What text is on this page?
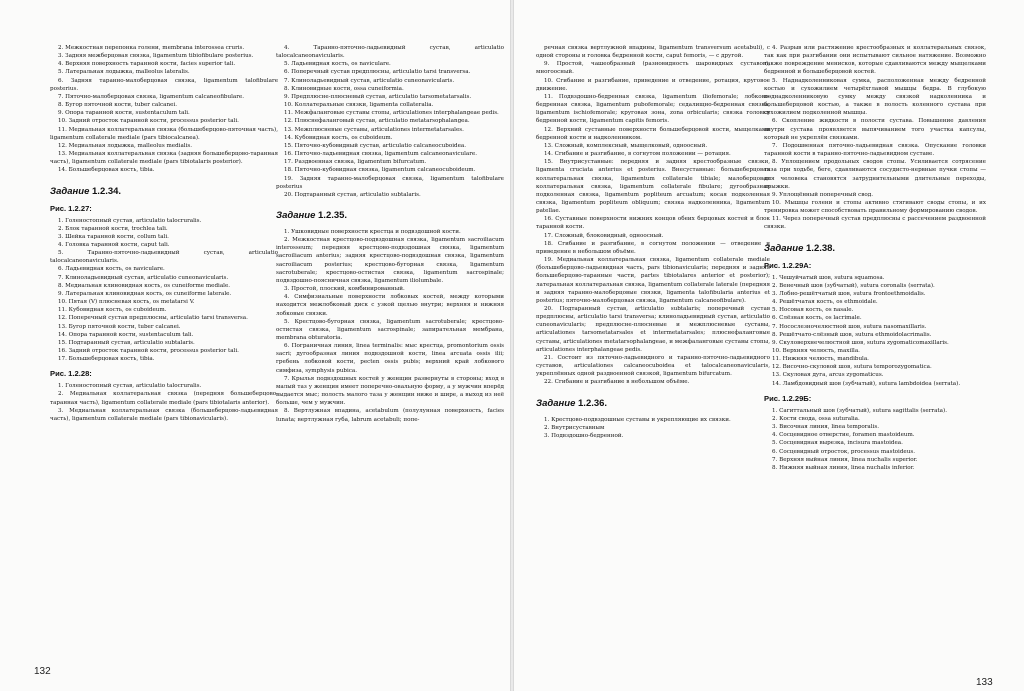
2. Межкостная перепонка голени, membrana interossea cruris.

3. Задняя межберцовая связка, ligamentum tibiofibulare posterius.

4. Верхняя поверхность таранной кости, facies superior tali.

5. Латеральная лодыжка, malleolus lateralis.

6. Задняя таранно-малоберцовая связка, ligamentum talofibulare posterius.

7. Пяточно-малоберцовая связка, ligamentum calcaneofibulare.

8. Бугор пяточной кости, tuber calcanei.

9. Опора таранной кости, sustentaculum tali.

10. Задний отросток таранной кости, processus posterior tali.

11. Медиальная коллатеральная связка (большеберцово-пяточная часть), ligamentum collaterale mediale (pars tibiocalcanea).

12. Медиальная лодыжка, malleolus medialis.

13. Медиальная коллатеральная связка (задняя большеберцово-таранная часть), ligamentum collaterale mediale (pars tibiotalaris posterior).

14. Большеберцовая кость, tibia.

Задание 1.2.34.
Рис. 1.2.27:

1. Голеностопный сустав, articulatio talocruralis.

2. Блок таранной кости, trochlea tali.

3. Шейка таранной кости, collum tali.

4. Головка таранной кости, caput tali.

5. Таранно-пяточно-ладьевидный сустав, articulatio talocalcaneonavicularis.

6. Ладьевидная кость, os naviculare.

7. Клиноладьевидный сустав, articulatio cuneonavicularis.

8. Медиальная клиновидная кость, os cuneiforme mediale.

9. Латеральная клиновидная кость, os cuneiforme laterale.

10. Пятая (V) плюсневая кость, os metatarsi V.

11. Кубовидная кость, os cuboideum.

12. Поперечный сустав предплюсны, articulatio tarsi transversa.

13. Бугор пяточной кости, tuber calcanei.

14. Опора таранной кости, sustentaculum tali.

15. Подтаранный сустав, articulatio subtalaris.

16. Задний отросток таранной кости, processus posterior tali.

17. Большеберцовая кость, tibia.

Рис. 1.2.28:

1. Голеностопный сустав, articulatio talocruralis.

2. Медиальная коллатеральная связка (передняя большеберцово-таранная часть), ligamentum collaterale mediale (pars tibiotalaris anterior).

3. Медиальная коллатеральная связка (большеберцово-ладьевидная часть), ligamentum collaterale mediale (pars tibionavicularis).

4. Таранно-пяточно-ладьевидный сустав, articulatio talocalcaneonavicularis.

5. Ладьевидная кость, os naviculare.

6. Поперечный сустав предплюсны, articulatio tarsi transversa.

7. Клиноладьевидный сустав, articulatio cuneonavicularis.

8. Клиновидные кости, ossa cuneiformia.

9. Предплюсне-плюсневый сустав, articulatio tarsometatarsalis.

10. Коллатеральные связки, ligamenta collateralia.

11. Межфаланговые суставы стопы, articulationes interphalangeae pedis.

12. Плюснефаланговый сустав, articulatio metatarsophalangeа.

13. Межплюсневые суставы, articulationes intermetatarsales.

14. Кубовидная кость, os cuboideum.

15. Пяточно-кубовидный сустав, articulatio calcaneocuboidea.

16. Пяточно-ладьевидная связка, ligamentum calcaneonaviculare.

17. Раздвоенная связка, ligamentum bifurcatum.

18. Пяточно-кубовидная связка, ligamentum calcaneocuboideum.

19. Задняя таранно-малоберцовая связка, ligamentum talofibulare posterius

20. Подтаранный сустав, articulatio subtalaris.

Задание 1.2.35.

1. Ушковидные поверхности крестца и подвздошной кости.

2. Межкостная крестцово-подвздошная связка, ligamentum sacroiliacum interosseum; передняя крестцово-подвздошная связка, ligamentum sacroiliacum anterius; задняя крестцово-подвздошная связка, ligamentum sacroiliacum posterius; крестцово-бугорная связка, ligamentum sacrotuberale; крестцово-остистая связка, ligamentum sacrospinale; подвздошно-поясничная связка, ligamentum iliolumbale.

3. Простой, плоский, комбинированный.

4. Симфизиальные поверхности лобковых костей, между которыми находится межлобковый диск с узкой щелью внутри; верхняя и нижняя лобковые связки.

5. Крестцово-бугорная связка, ligamentum sacrotuberale; крестцово-остистая связка, ligamentum sacrospinale; запирательная мембрана, membrana obturatoria.

6. Пограничная линия, linea terminalis: мыс крестца, promontorium ossis sacri; дугообразная линия подвздошной кости, linea arcuata ossis ilii; гребень лобковой кости, pecten ossis pubis; верхний край лобкового симфиза, symphysis pubica.

7. Крылья подвздошных костей у женщин развернуты в стороны; вход в малый таз у женщин имеет поперечно-овальную форму, а у мужчин вперёд выдается мыс; полость малого таза у женщин ниже и шире, а выход из неё больше, чем у мужчин.

8. Вертлужная впадина, acetabulum (полулунная поверхность, facies lunata; вертлужная губа, labrum acetabuli; попе-

132

речная связка вертлужной впадины, ligamentum transversum acetabuli), с одной стороны и головка бедренной кости, caput femoris, — с другой.

9. Простой, чашеобразный (разновидность шаровидных суставов), многоосный.

10. Сгибание и разгибание, приведение и отведение, ротация, круговое движение.

11. Подвздошно-бедренная связка, ligamentum iliofemorale; лобково-бедренная связка, ligamentum pubofemorale; седалищно-бедренная связка, ligamentum ischiofemorale; круговая зона, zona orbicularis; связка головки бедренной кости, ligamentum capitis femoris.

12. Верхний суставные поверхности большеберцовой кости, мыщелками бедренной кости и надколенником.

13. Сложный, комплексный, мыщелковый, одноосный.

14. Сгибание и разгибание, в согнутом положении — ротация.

15. Внутрисуставные: передняя и задняя крестообразные связки, ligamenta cruciata anterius et posterius. Внесуставные: большеберцовая коллатеральная связка, ligamentum collaterale tibiale; малоберцовая коллатеральная связка, ligamentum collaterale fibulare; дугообразная подколенная связка, ligamentum popliteum arcuatum; косая подколенная связка, ligamentum popliteum obliquum; связка надколенника, ligamentum patellae.

16. Суставные поверхности нижних концов обеих берцовых костей и блок таранной кости.

17. Сложный, блоковидный, одноосный.

18. Сгибание и разгибание, в согнутом положении — отведение и приведение в небольшом объёме.

19. Медиальная коллатеральная связка, ligamentum collaterale mediale (большеберцово-ладьевидная часть, pars tibionavicularis; передняя и задняя большеберцово-таранные части, partes tibiotalares anterior et posterior); латеральная коллатеральная связка, ligamentum collaterale laterale (передняя и задняя таранно-малоберцовые связки, ligamenta talofibularia anterius et posterius; пяточно-малоберцовая связка, ligamentum calcaneofibulare).

20. Подтаранный сустав, articulatio subtalaris; поперечный сустав предплюсны, articulatio tarsi transversa; клиноладьевидный сустав, articulatio cuneonavicularis; предплюсне-плюсневые и межплюсневые суставы, articulationes tarsometatarsales et intermetatarsales; плюснефаланговые суставы, articulationes metatarsophalangeae, и межфаланговые суставы стопы, articulationes interphalangeae pedis.

21. Состоит из пяточно-ладьевидного и таранно-пяточно-ладьевидного суставов, articulationes calcaneocuboidea et talocalcaneonavicularis, укреплённых одной раздвоенной связкой, ligamentum bifurcatum.

22. Сгибание и разгибание в небольшом объёме.

Задание 1.2.36.

1. Крестцово-подвздошные суставы и укрепляющие их связки.

2. Внутрисуставным

3. Подвздошно-бедренной.

4. Разрыв или растяжение крестообразных и коллатеральных связок, так как при разгибании они испытывают сильное натяжение. Возможно также повреждение менисков, которые сдавливаются между мыщелками бедренной и большеберцовой костей.

5. Наднадколенниковая сумка, расположенная между бедренной костью и сухожилием четырёхглавой мышцы бедра. В глубокую поднадколенниковую сумку между связкой надколенника и большеберцовой костью, а также в полость коленного сустава при сухожилием подколенной мышцы.

6. Скопление жидкости в полости сустава. Повышение давления внутри сустава проявляется выпячиванием того участка капсулы, который не укреплён связками.

7. Подошвенная пяточно-ладьевидная связка. Опускание головки таранной кости в таранно-пяточно-ладьевидном суставе.

8. Уплощением продольных сводов стопы. Усиливается сотрясение таза при ходьбе, беге, сдавливаются сосудисто-нервные пучки стопы — для человека становятся затруднительными длительные переходы, прыжки.

9. Уплощённый поперечный свод.

10. Мышцы голени и стопы активно стягивают своды стопы, и их тренировка может способствовать правильному формированию сводов.

11. Через поперечный сустав предплюсны с рассечением раздвоенной связки.

Задание 1.2.38.
Рис. 1.2.29А:

1. Чешуйчатый шов, sutura squamosa.

2. Венечный шов (зубчатый), sutura coronalis (serrata).

3. Лобно-решётчатый шов, sutura frontoethmoidalis.

4. Решётчатая кость, os ethmoidale.

5. Носовая кость, os nasale.

6. Слёзная кость, os lacrimale.

7. Носослезночелюстной шов, sutura nasomaxillaris.

8. Решётчато-слёзный шов, sutura ethmoidolacrimalis.

9. Скуловерхнечелюстной шов, sutura zygomaticomaxillaris.

10. Верхняя челюсть, maxilla.

11. Нижняя челюсть, mandibula.

12. Височно-скуловой шов, sutura temporozygomatica.

13. Скуловая дуга, arcus zygomaticus.

14. Ламбдовидный шов (зубчатый), sutura lambdoidea (serrata).

Рис. 1.2.29Б:

1. Сагиттальный шов (зубчатый), sutura sagittalis (serrata).

2. Кости свода, ossa suturalia.

3. Височная линия, linea temporalis.

4. Сосцевидное отверстие, foramen mastoideum.

5. Сосцевидная вырезка, incisura mastoidea.

6. Сосцевидный отросток, processus mastoideus.

7. Верхняя выйная линия, linea nuchalis superior.

8. Нижняя выйная линия, linea nuchalis inferior.

133
